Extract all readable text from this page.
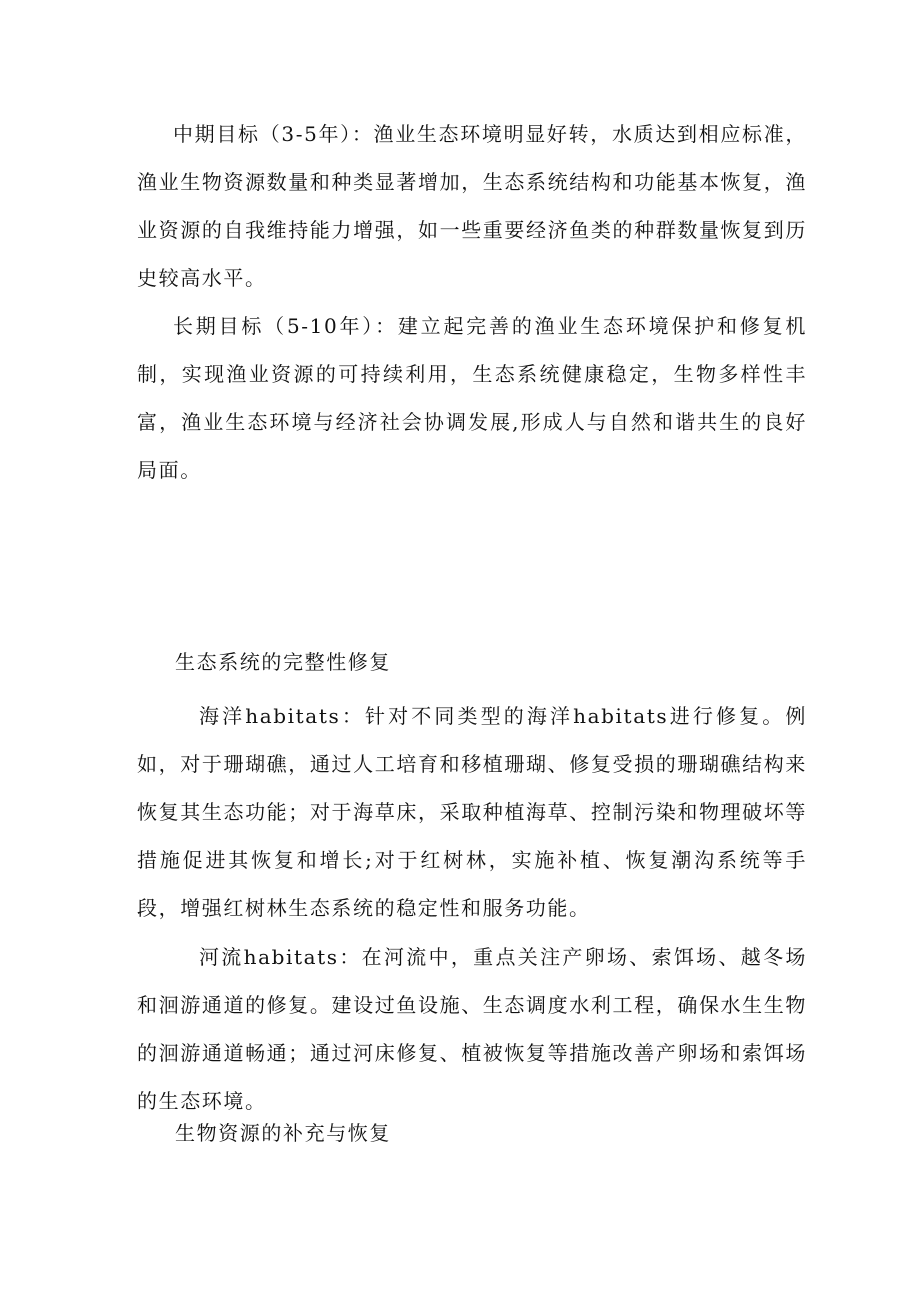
中期目标（3-5年）：渔业生态环境明显好转，水质达到相应标准，渔业生物资源数量和种类显著增加，生态系统结构和功能基本恢复，渔业资源的自我维持能力增强，如一些重要经济鱼类的种群数量恢复到历史较高水平。

长期目标（5-10年）：建立起完善的渔业生态环境保护和修复机制，实现渔业资源的可持续利用，生态系统健康稳定，生物多样性丰富，渔业生态环境与经济社会协调发展,形成人与自然和谐共生的良好局面。

生态系统的完整性修复

海洋habitats：针对不同类型的海洋habitats进行修复。例如，对于珊瑚礁，通过人工培育和移植珊瑚、修复受损的珊瑚礁结构来恢复其生态功能；对于海草床，采取种植海草、控制污染和物理破坏等措施促进其恢复和增长;对于红树林，实施补植、恢复潮沟系统等手段，增强红树林生态系统的稳定性和服务功能。

河流habitats：在河流中，重点关注产卵场、索饵场、越冬场和洄游通道的修复。建设过鱼设施、生态调度水利工程，确保水生生物的洄游通道畅通；通过河床修复、植被恢复等措施改善产卵场和索饵场的生态环境。

生物资源的补充与恢复
